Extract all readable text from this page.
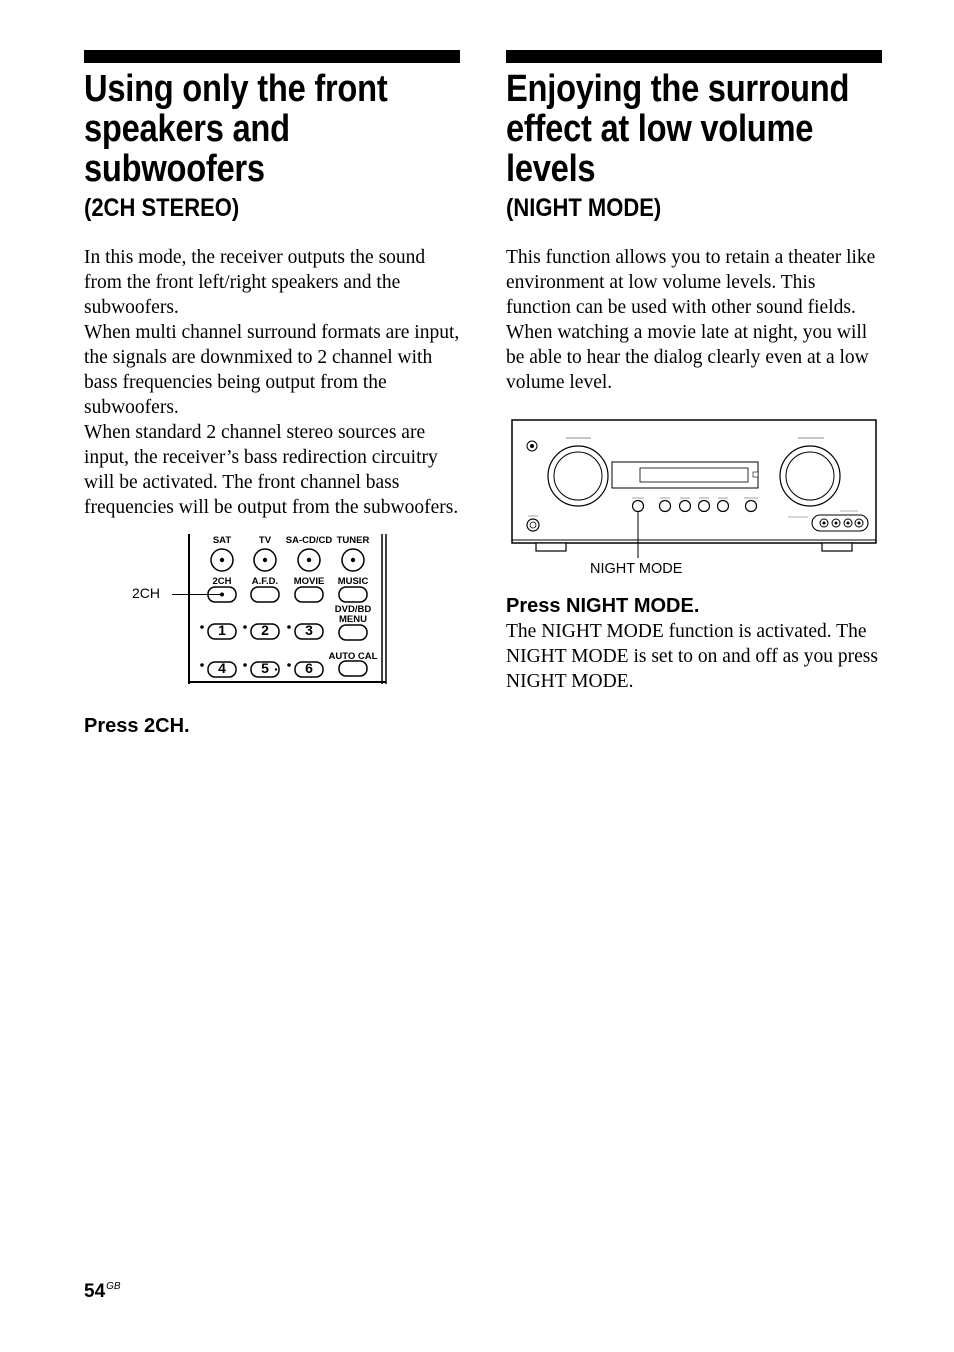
Using only the front
speakers and subwoofers
(2CH STEREO)

In this mode, the receiver outputs the sound from the front left/right speakers and the subwoofers.

When multi channel surround formats are input, the signals are downmixed to 2 channel with bass frequencies being output from the subwoofers.

When standard 2 channel stereo sources are input, the receiver’s bass redirection circuitry will be activated. The front channel bass frequencies will be output from the subwoofers.

2CH
SAT	TV	SA-CD/CD TUNER
2CH	A.F.D.	MOVIE	MUSIC
DVD/BD
MENU
1	2	3
AUTO CAL
4	5	6

Press 2CH.

Enjoying the surround
effect at low volume
levels
(NIGHT MODE)

This function allows you to retain a theater like environment at low volume levels. This function can be used with other sound fields. When watching a movie late at night, you will be able to hear the dialog clearly even at a low volume level.

NIGHT MODE

Press NIGHT MODE.

The NIGHT MODE function is activated. The NIGHT MODE is set to on and off as you press NIGHT MODE.

$54^{GB}$
